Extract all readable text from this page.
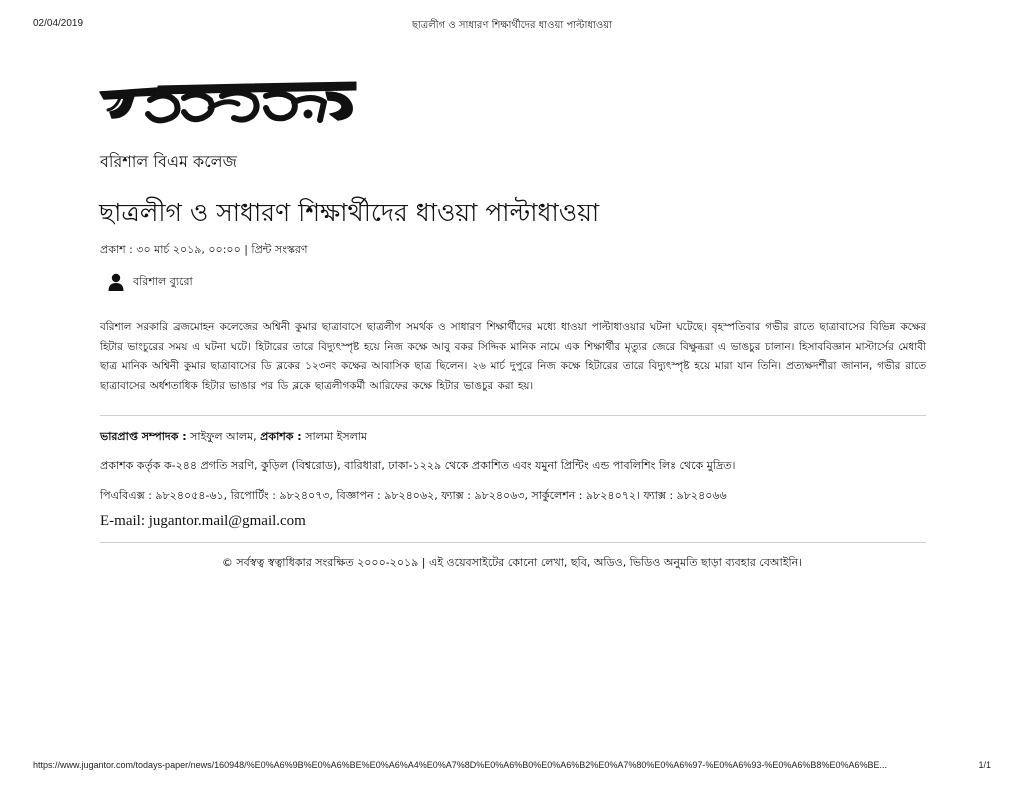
02/04/2019	ছাত্রলীগ ও সাধারণ শিক্ষার্থীদের ধাওয়া পাল্টাধাওয়া
বরিশাল বিএম কলেজ
ছাত্রলীগ ও সাধারণ শিক্ষার্থীদের ধাওয়া পাল্টাধাওয়া
প্রকাশ : ৩০ মার্চ ২০১৯, ০০:০০ | প্রিন্ট সংস্করণ
বরিশাল ব্যুরো
বরিশাল সরকারি ব্রজমোহন কলেজের অশ্বিনী কুমার ছাত্রাবাসে ছাত্রলীগ সমর্থক ও সাধারণ শিক্ষার্থীদের মধ্যে ধাওয়া পাল্টাধাওয়ার ঘটনা ঘটেছে। বৃহস্পতিবার গভীর রাতে ছাত্রাবাসের বিভিন্ন কক্ষের হিটার ভাংচুরের সময় এ ঘটনা ঘটে। হিটারের তারে বিদ্যুৎস্পৃষ্ট হয়ে নিজ কক্ষে আবু বকর সিদ্দিক মানিক নামে এক শিক্ষার্থীর মৃত্যুর জেরে বিক্ষুব্ধরা এ ভাঙচুর চালান। হিসাববিজ্ঞান মাস্টার্সের মেধাবী ছাত্র মানিক অশ্বিনী কুমার ছাত্রাবাসের ডি ব্লকের ১২৩নং কক্ষের আবাসিক ছাত্র ছিলেন। ২৬ মার্চ দুপুরে নিজ কক্ষে হিটারের তারে বিদ্যুৎস্পৃষ্ট হয়ে মারা যান তিনি। প্রত্যক্ষদর্শীরা জানান, গভীর রাতে ছাত্রাবাসের অর্ধশতাধিক হিটার ভাঙার পর ডি ব্লকে ছাত্রলীগকর্মী আরিফের কক্ষে হিটার ভাঙচুর করা হয়।
ভারপ্রাপ্ত সম্পাদক : সাইফুল আলম, প্রকাশক : সালমা ইসলাম
প্রকাশক কর্তৃক ক-২৪৪ প্রগতি সরণি, কুড়িল (বিশ্বরোড), বারিধারা, ঢাকা-১২২৯ থেকে প্রকাশিত এবং যমুনা প্রিন্টিং এন্ড পাবলিশিং লিঃ থেকে মুদ্রিত।
পিএবিএক্স : ৯৮২৪০৫৪-৬১, রিপোর্টিং : ৯৮২৪০৭৩, বিজ্ঞাপন : ৯৮২৪০৬২, ফ্যাক্স : ৯৮২৪০৬৩, সার্কুলেশন : ৯৮২৪০৭২। ফ্যাক্স : ৯৮২৪০৬৬
E-mail: jugantor.mail@gmail.com
© সর্বস্বত্ব স্বত্বাধিকার সংরক্ষিত ২০০০-২০১৯ | এই ওয়েবসাইটের কোনো লেখা, ছবি, অডিও, ভিডিও অনুমতি ছাড়া ব্যবহার বেআইনি।
https://www.jugantor.com/todays-paper/news/160948/%E0%A6%9B%E0%A6%BE%E0%A6%A4%E0%A7%8D%E0%A6%B0%E0%A6%B2%E0%A7%80%E0%A6%97-%E0%A6%93-%E0%A6%B8%E0%A6%BE...	1/1
